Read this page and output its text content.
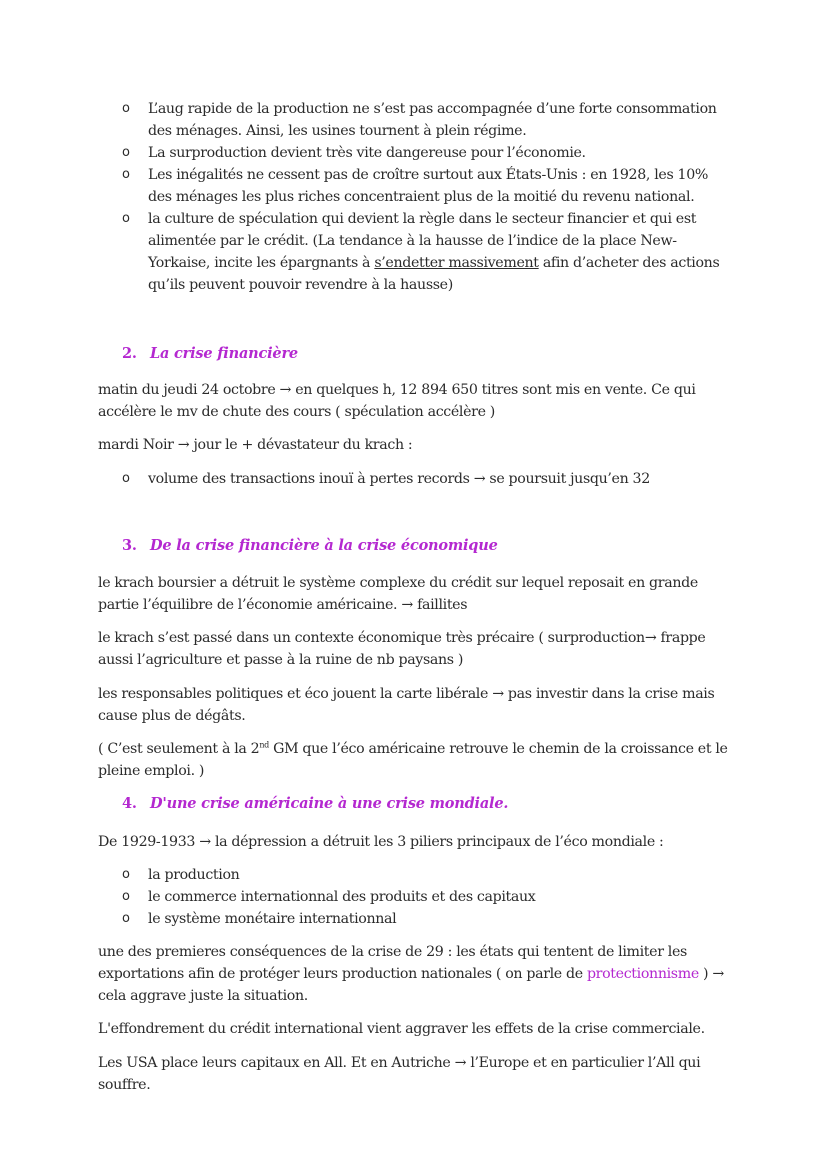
o L’aug rapide de la production ne s’est pas accompagnée d’une forte consommation des ménages. Ainsi, les usines tournent à plein régime.
o La surproduction devient très vite dangereuse pour l’économie.
o Les inégalités ne cessent pas de croître surtout aux États-Unis : en 1928, les 10% des ménages les plus riches concentraient plus de la moitié du revenu national.
o la culture de spéculation qui devient la règle dans le secteur financier et qui est alimentée par le crédit. (La tendance à la hausse de l’indice de la place New-Yorkaise, incite les épargnants à s’endetter massivement afin d’acheter des actions qu’ils peuvent pouvoir revendre à la hausse)
2. La crise financière

matin du jeudi 24 octobre → en quelques h, 12 894 650 titres sont mis en vente. Ce qui accélère le mv de chute des cours ( spéculation accélère )

mardi Noir → jour le + dévastateur du krach :

o volume des transactions inouï à pertes records → se poursuit jusqu’en 32
3. De la crise financière à la crise économique

le krach boursier a détruit le système complexe du crédit sur lequel reposait en grande partie l’équilibre de l’économie américaine. → faillites

le krach s’est passé dans un contexte économique très précaire ( surproduction→ frappe aussi l’agriculture et passe à la ruine de nb paysans )

les responsables politiques et éco jouent la carte libérale → pas investir dans la crise mais cause plus de dégâts.

( C’est seulement à la 2nd GM que l’éco américaine retrouve le chemin de la croissance et le pleine emploi. )

4. D'une crise américaine à une crise mondiale.

De 1929-1933 → la dépression a détruit les 3 piliers principaux de l’éco mondiale :

o la production
o le commerce internationnal des produits et des capitaux
o le système monétaire internationnal

une des premieres conséquences de la crise de 29 : les états qui tentent de limiter les exportations afin de protéger leurs production nationales ( on parle de protectionnisme ) → cela aggrave juste la situation.

L'effondrement du crédit international vient aggraver les effets de la crise commerciale.

Les USA place leurs capitaux en All. Et en Autriche → l’Europe et en particulier l’All qui souffre.
